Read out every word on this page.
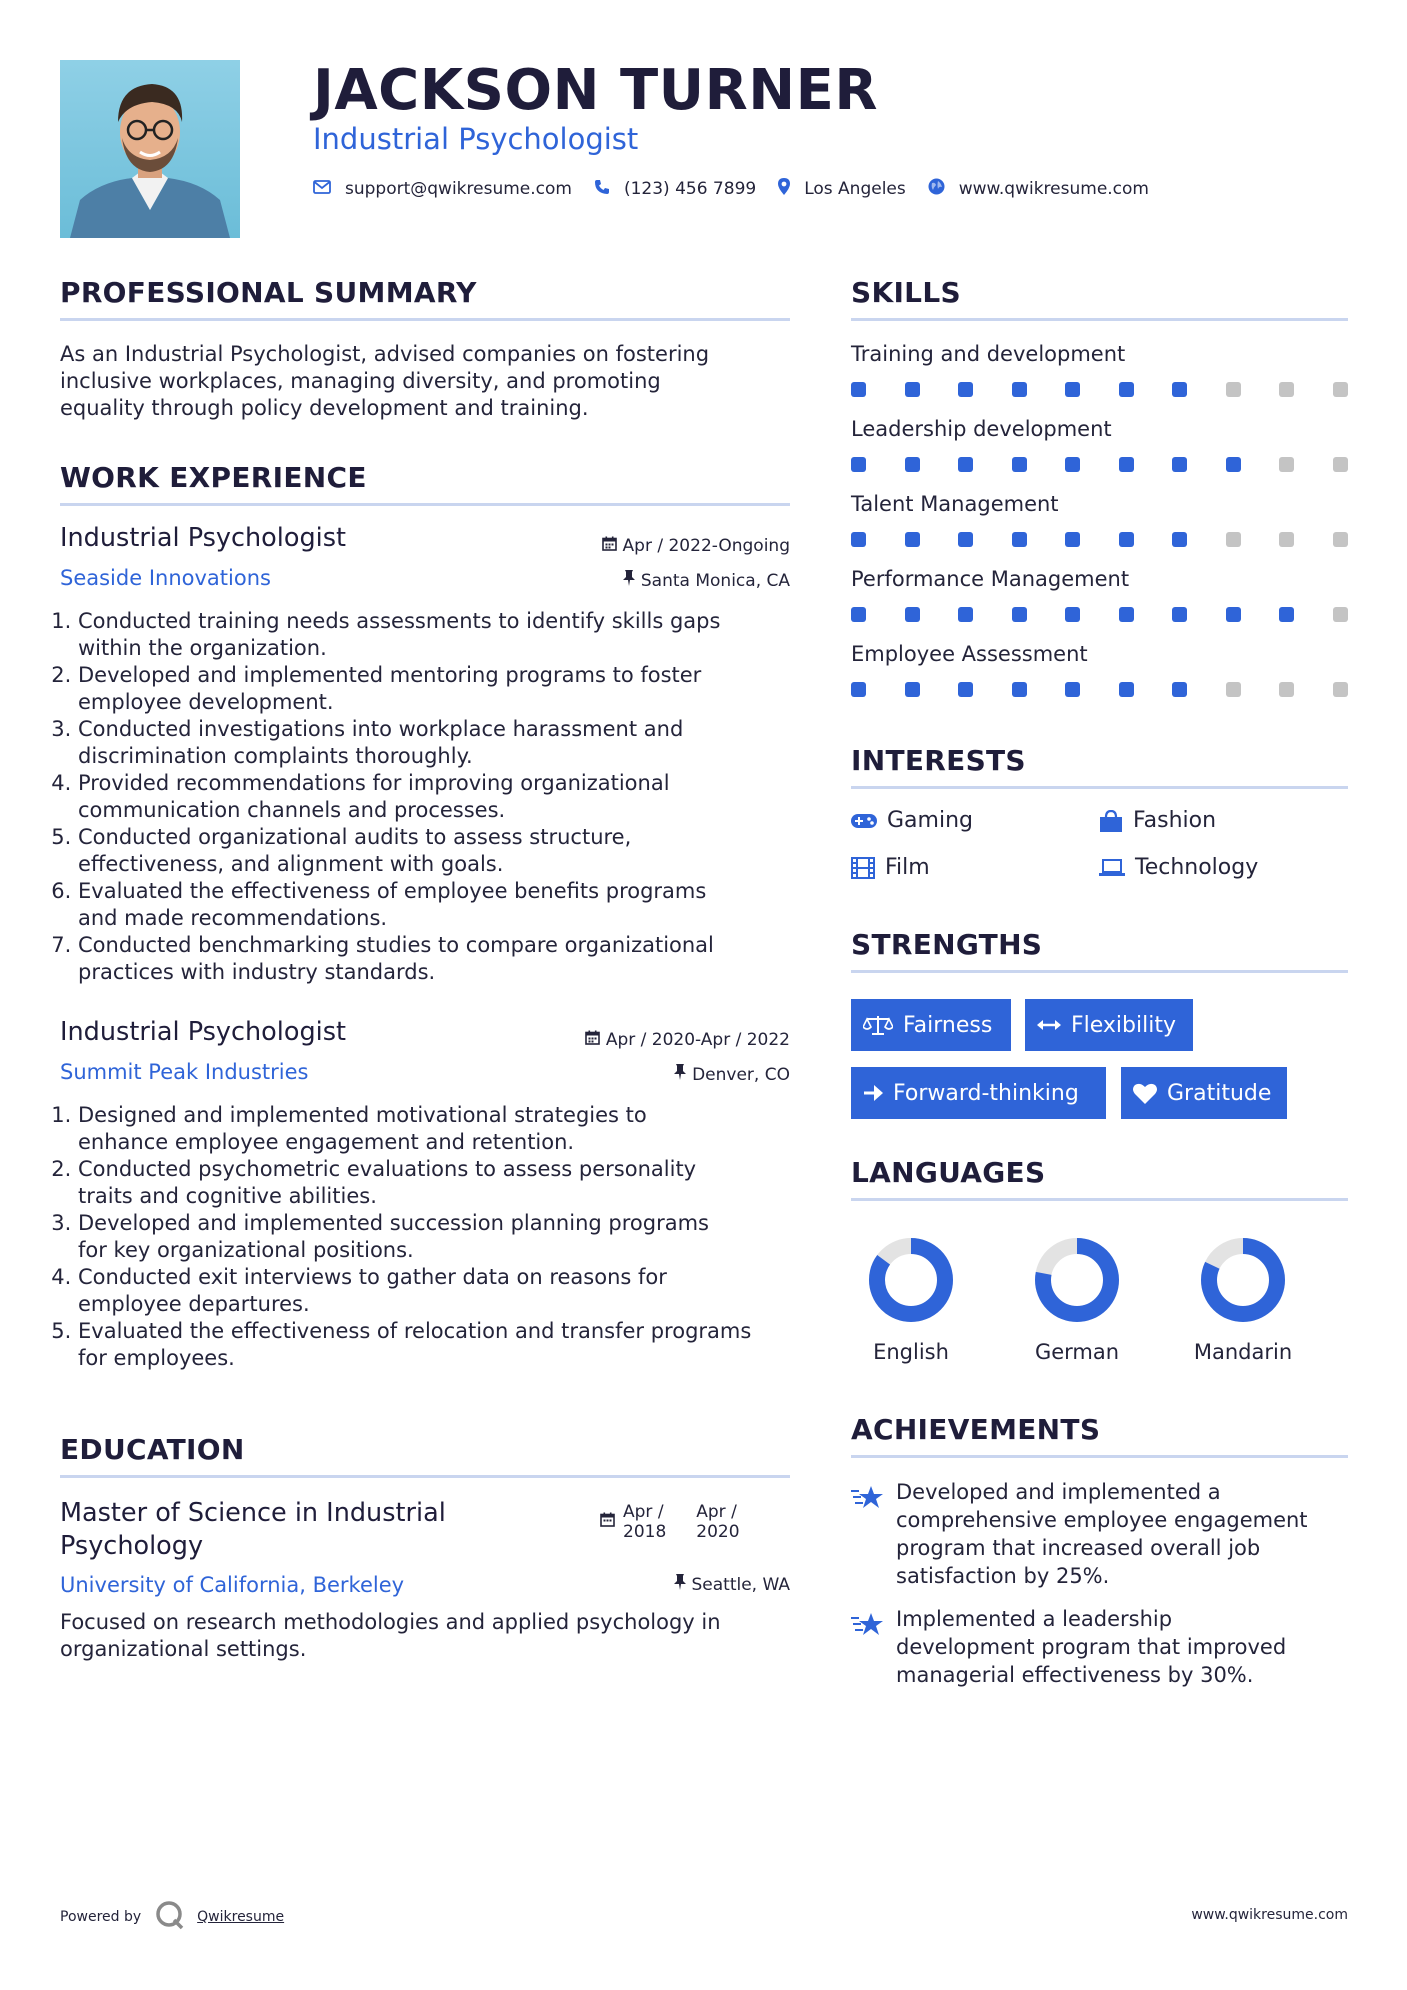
JACKSON TURNER
Industrial Psychologist
support@qwikresume.com	(123) 456 7899	Los Angeles	www.qwikresume.com
PROFESSIONAL SUMMARY
As an Industrial Psychologist, advised companies on fostering
inclusive workplaces, managing diversity, and promoting
equality through policy development and training.
WORK EXPERIENCE
Industrial Psychologist	Apr / 2022-Ongoing
Seaside Innovations	Santa Monica, CA
1. Conducted training needs assessments to identify skills gaps
within the organization.
2. Developed and implemented mentoring programs to foster
employee development.
3. Conducted investigations into workplace harassment and
discrimination complaints thoroughly.
4. Provided recommendations for improving organizational
communication channels and processes.
5. Conducted organizational audits to assess structure,
effectiveness, and alignment with goals.
6. Evaluated the effectiveness of employee benefits programs
and made recommendations.
7. Conducted benchmarking studies to compare organizational
practices with industry standards.
Industrial Psychologist	Apr / 2020-Apr / 2022
Summit Peak Industries	Denver, CO
1. Designed and implemented motivational strategies to
enhance employee engagement and retention.
2. Conducted psychometric evaluations to assess personality
traits and cognitive abilities.
3. Developed and implemented succession planning programs
for key organizational positions.
4. Conducted exit interviews to gather data on reasons for
employee departures.
5. Evaluated the effectiveness of relocation and transfer programs
for employees.
EDUCATION
Master of Science in Industrial
Psychology
Apr /
2018
Apr /
2020
University of California, Berkeley	Seattle, WA
Focused on research methodologies and applied psychology in
organizational settings.
SKILLS
Training and development
Leadership development
Talent Management
Performance Management
Employee Assessment
INTERESTS
Gaming	Fashion
Film	Technology
STRENGTHS
Fairness	Flexibility
Forward-thinking	Gratitude
LANGUAGES
English	German	Mandarin
ACHIEVEMENTS
Developed and implemented a
comprehensive employee engagement
program that increased overall job
satisfaction by 25%.
Implemented a leadership
development program that improved
managerial effectiveness by 30%.
Powered by	Qwikresume	www.qwikresume.com
